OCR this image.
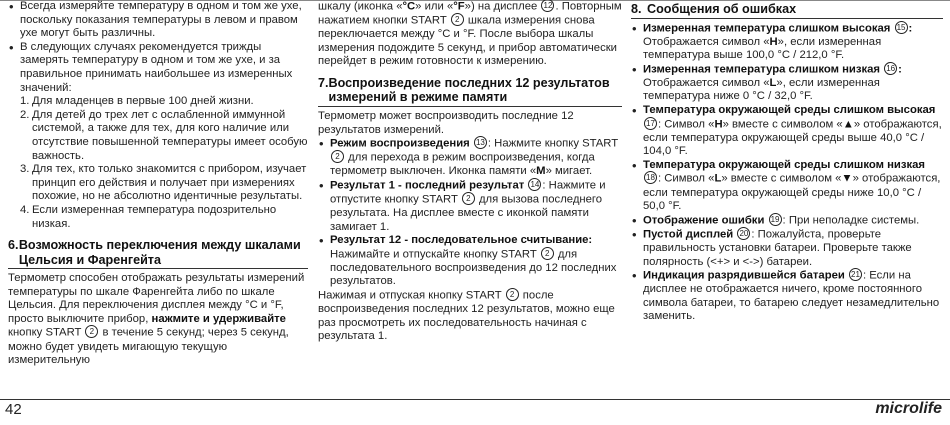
• Всегда измеряйте температуру в одном и том же ухе, поскольку показания температуры в левом и правом ухе могут быть различны.
• В следующих случаях рекомендуется трижды замерять температуру в одном и том же ухе, и за правильное принимать наибольшее из измеренных значений:
1. Для младенцев в первые 100 дней жизни.
2. Для детей до трех лет с ослабленной иммунной системой, а также для тех, для кого наличие или отсутствие повышенной температуры имеет особую важность.
3. Для тех, кто только знакомится с прибором, изучает принцип его действия и получает при измерениях похожие, но не абсолютно идентичные результаты.
4. Если измеренная температура подозрительно низкая.
6. Возможность переключения между шкалами Цельсия и Фаренгейта

Термометр способен отображать результаты измерений температуры по шкале Фаренгейта либо по шкале Цельсия. Для переключения дисплея между °C и °F, просто выключите прибор, нажмите и удерживайте кнопку START 2 в течение 5 секунд; через 5 секунд, можно будет увидеть мигающую текущую измерительную

шкалу (иконка «°C» или «°F») на дисплее 12 . Повторным нажатием кнопки START 2 шкала измерения снова переключается между °C и °F. После выбора шкалы измерения подождите 5 секунд, и прибор автоматически перейдет в режим готовности к измерению.

7. Воспроизведение последних 12 результатов измерений в режиме памяти

Термометр может воспроизводить последние 12 результатов измерений.

• Режим воспроизведения 13 : Нажмите кнопку START 2 для перехода в режим воспроизведения, когда термометр выключен. Иконка памяти «M» мигает.
• Результат 1 - последний результат 14 : Нажмите и отпустите кнопку START 2 для вызова последнего результата. На дисплее вместе с иконкой памяти замигает 1.
• Результат 12 - последовательное считывание: Нажимайте и отпускайте кнопку START 2 для последовательного воспроизведения до 12 последних результатов.

Нажимая и отпуская кнопку START 2 после воспроизведения последних 12 результатов, можно еще раз просмотреть их последовательность начиная с результата 1.

8. Сообщения об ошибках
• Измеренная температура слишком высокая 15 : Отображается символ «H», если измеренная температура выше 100,0 °C / 212,0 °F.
• Измеренная температура слишком низкая 16 : Отображается символ «L», если измеренная температура ниже 0 °C / 32,0 °F.
• Температура окружающей среды слишком высокая 17 : Символ «H» вместе с символом «▲» отображаются, если температура окружающей среды выше 40,0 °C / 104,0 °F.
• Температура окружающей среды слишком низкая 18 : Символ «L» вместе с символом «▼» отображаются, если температура окружающей среды ниже 10,0 °C / 50,0 °F.
• Отображение ошибки 19 : При неполадке системы.
• Пустой дисплей 20 : Пожалуйста, проверьте правильность установки батареи. Проверьте также полярность (<+> и <->) батареи.
• Индикация разрядившейся батареи 21 : Если на дисплее не отображается ничего, кроме постоянного символа батареи, то батарею следует незамедлительно заменить.
42	microlife
